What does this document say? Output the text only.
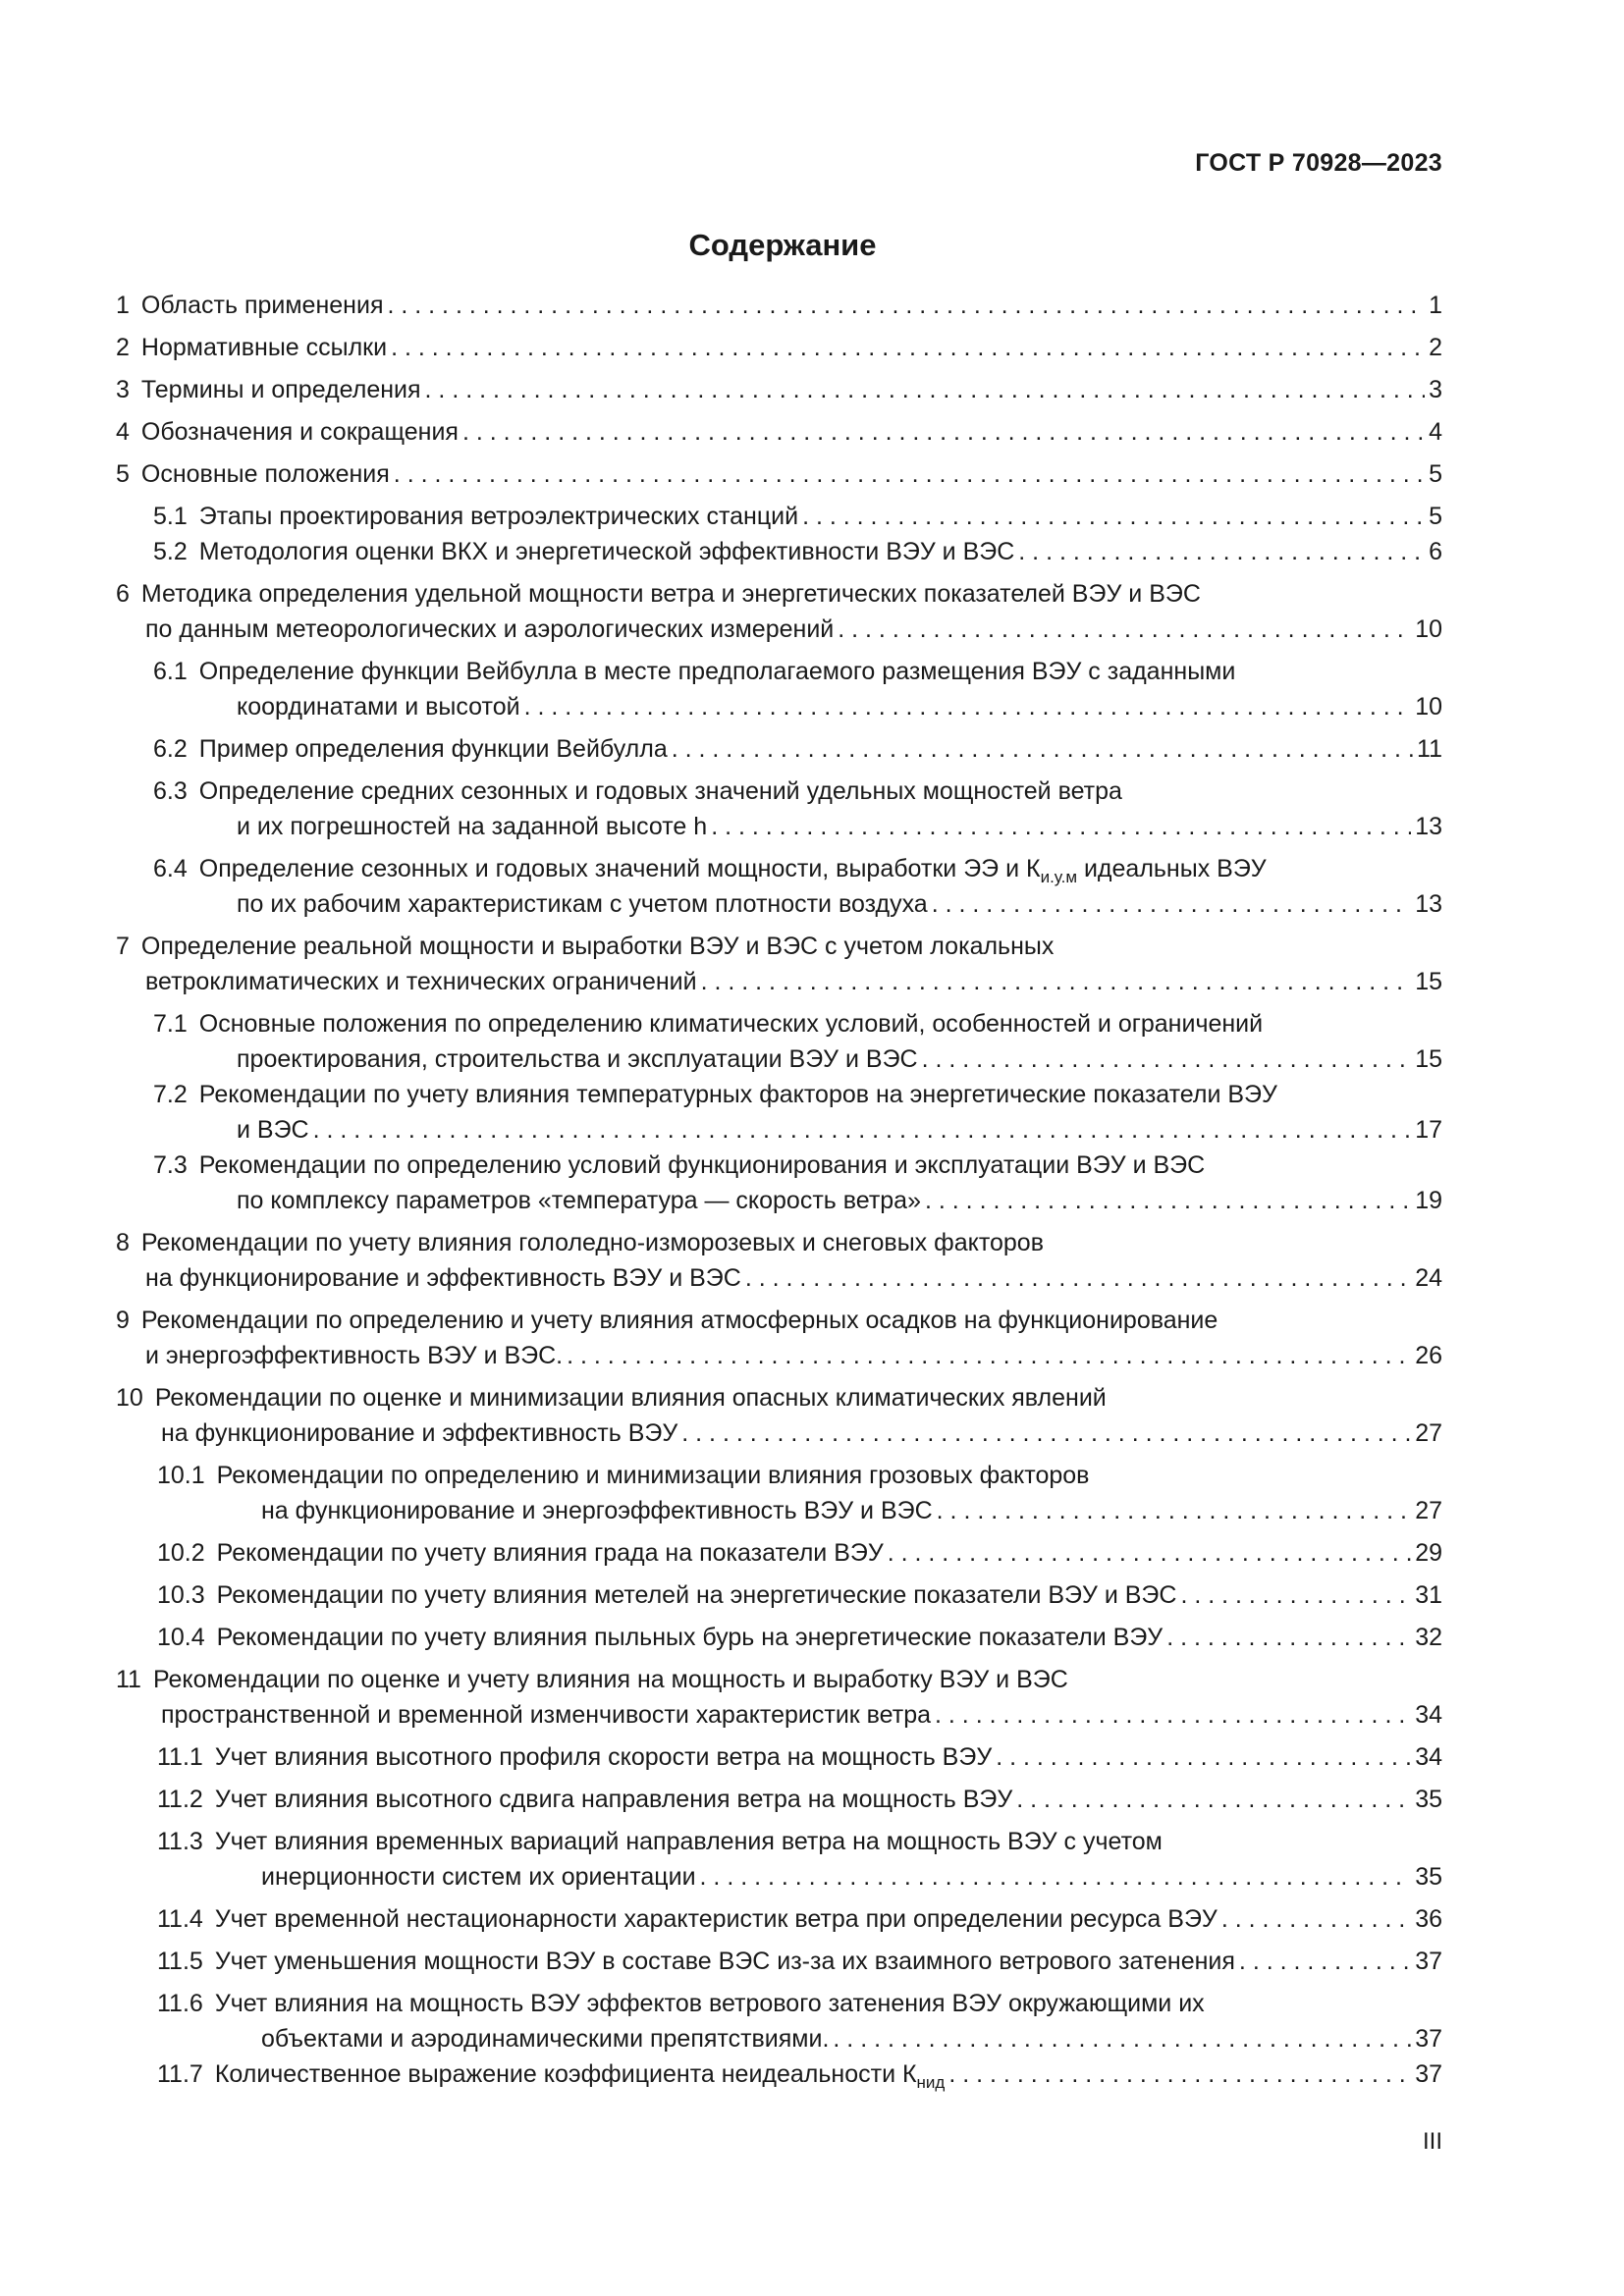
ГОСТ Р 70928—2023
Содержание
1 Область применения . . .	1
2 Нормативные ссылки . . .	2
3 Термины и определения . . .	3
4 Обозначения и сокращения . . .	4
5 Основные положения . . .	5
5.1 Этапы проектирования ветроэлектрических станций . . .	5
5.2 Методология оценки ВКХ и энергетической эффективности ВЭУ и ВЭС . . .	6
6 Методика определения удельной мощности ветра и энергетических показателей ВЭУ и ВЭС
по данным метеорологических и аэрологических измерений . . .	10
6.1 Определение функции Вейбулла в месте предполагаемого размещения ВЭУ с заданными
координатами и высотой . . .	10
6.2 Пример определения функции Вейбулла . . .	11
6.3 Определение средних сезонных и годовых значений удельных мощностей ветра
и их погрешностей на заданной высоте h . . .	13
6.4 Определение сезонных и годовых значений мощности, выработки ЭЭ и $К_{и.у.м}$ идеальных ВЭУ
по их рабочим характеристикам с учетом плотности воздуха . . .	13
7 Определение реальной мощности и выработки ВЭУ и ВЭС с учетом локальных
ветроклиматических и технических ограничений . . .	15
7.1 Основные положения по определению климатических условий, особенностей и ограничений
проектирования, строительства и эксплуатации ВЭУ и ВЭС . . .	15
7.2 Рекомендации по учету влияния температурных факторов на энергетические показатели ВЭУ
и ВЭС . . .	17
7.3 Рекомендации по определению условий функционирования и эксплуатации ВЭУ и ВЭС
по комплексу параметров «температура — скорость ветра» . . .	19
8 Рекомендации по учету влияния гололедно-изморозевых и снеговых факторов
на функционирование и эффективность ВЭУ и ВЭС . . .	24
9 Рекомендации по определению и учету влияния атмосферных осадков на функционирование
и энергоэффективность ВЭУ и ВЭС. . . .	26
10 Рекомендации по оценке и минимизации влияния опасных климатических явлений
на функционирование и эффективность ВЭУ . . .	27
10.1 Рекомендации по определению и минимизации влияния грозовых факторов
на функционирование и энергоэффективность ВЭУ и ВЭС . . .	27
10.2 Рекомендации по учету влияния града на показатели ВЭУ . . .	29
10.3 Рекомендации по учету влияния метелей на энергетические показатели ВЭУ и ВЭС . . .	31
10.4 Рекомендации по учету влияния пыльных бурь на энергетические показатели ВЭУ . . .	32
11 Рекомендации по оценке и учету влияния на мощность и выработку ВЭУ и ВЭС
пространственной и временной изменчивости характеристик ветра . . .	34
11.1 Учет влияния высотного профиля скорости ветра на мощность ВЭУ . . .	34
11.2 Учет влияния высотного сдвига направления ветра на мощность ВЭУ . . .	35
11.3 Учет влияния временных вариаций направления ветра на мощность ВЭУ с учетом
инерционности систем их ориентации . . .	35
11.4 Учет временной нестационарности характеристик ветра при определении ресурса ВЭУ . . .	36
11.5 Учет уменьшения мощности ВЭУ в составе ВЭС из-за их взаимного ветрового затенения . . .	37
11.6 Учет влияния на мощность ВЭУ эффектов ветрового затенения ВЭУ окружающими их
объектами и аэродинамическими препятствиями. . . .	37
11.7 Количественное выражение коэффициента неидеальности $К_{нид}$ . . .	37
III
